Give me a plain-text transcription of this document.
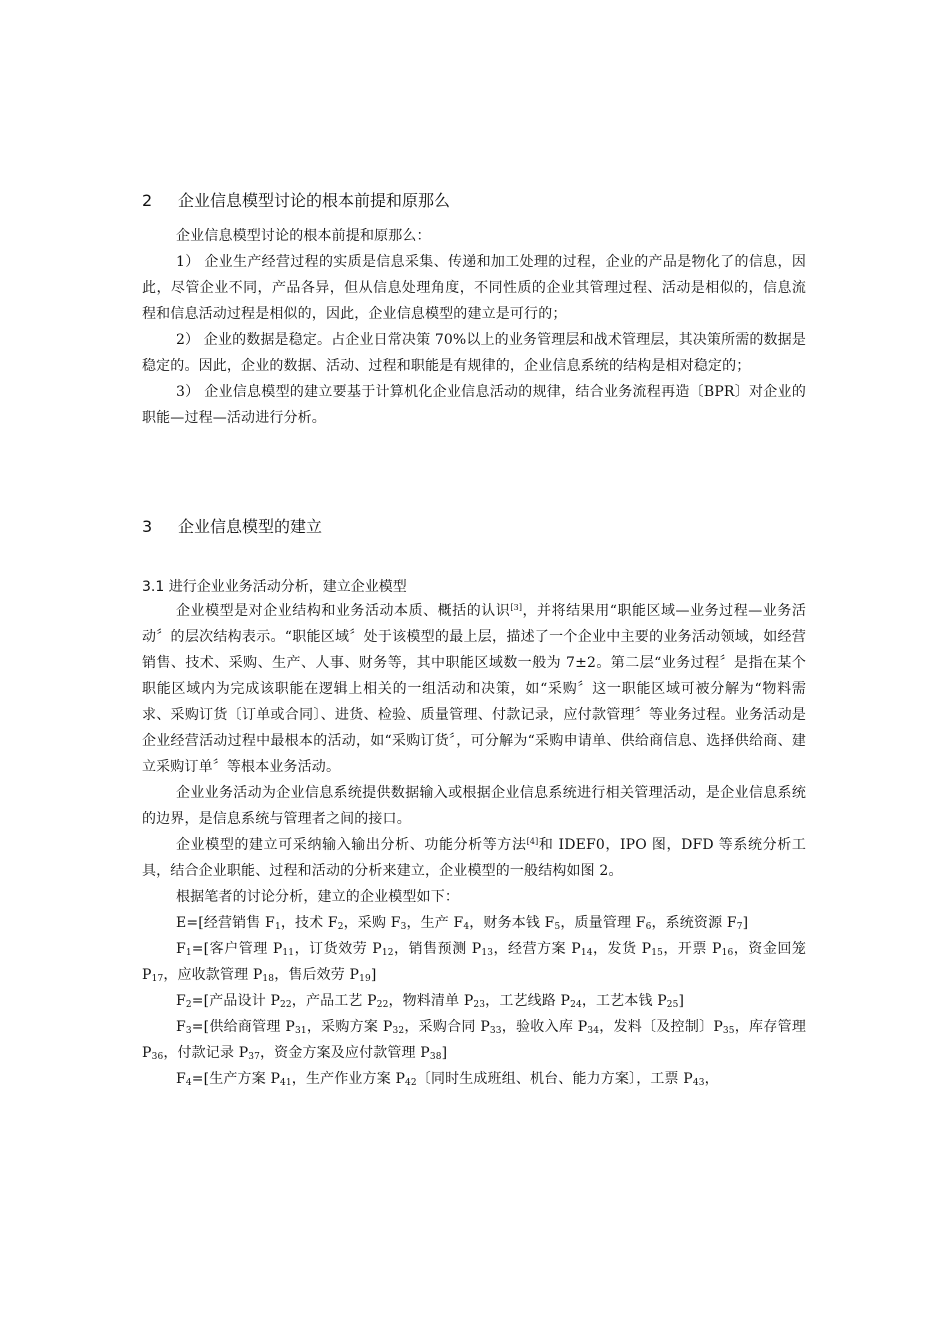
2 企业信息模型讨论的根本前提和原那么

企业信息模型讨论的根本前提和原那么：

1） 企业生产经营过程的实质是信息采集、传递和加工处理的过程，企业的产品是物化了的信息，因此，尽管企业不同，产品各异，但从信息处理角度，不同性质的企业其管理过程、活动是相似的，信息流程和信息活动过程是相似的，因此，企业信息模型的建立是可行的；

2） 企业的数据是稳定。占企业日常决策 70%以上的业务管理层和战术管理层，其决策所需的数据是稳定的。因此，企业的数据、活动、过程和职能是有规律的，企业信息系统的结构是相对稳定的；

3） 企业信息模型的建立要基于计算机化企业信息活动的规律，结合业务流程再造〔BPR〕对企业的职能—过程—活动进行分析。

3 企业信息模型的建立
3.1 进行企业业务活动分析，建立企业模型

企业模型是对企业结构和业务活动本质、概括的认识[3]，并将结果用“职能区域—业务过程—业务活动〞的层次结构表示。“职能区域〞处于该模型的最上层，描述了一个企业中主要的业务活动领域，如经营销售、技术、采购、生产、人事、财务等，其中职能区域数一般为 7±2。第二层“业务过程〞是指在某个职能区域内为完成该职能在逻辑上相关的一组活动和决策，如“采购〞这一职能区域可被分解为“物料需求、采购订货〔订单或合同〕、进货、检验、质量管理、付款记录，应付款管理〞等业务过程。业务活动是企业经营活动过程中最根本的活动，如“采购订货〞，可分解为“采购申请单、供给商信息、选择供给商、建立采购订单〞等根本业务活动。

企业业务活动为企业信息系统提供数据输入或根据企业信息系统进行相关管理活动，是企业信息系统的边界，是信息系统与管理者之间的接口。

企业模型的建立可采纳输入输出分析、功能分析等方法[4]和 IDEF0，IPO 图，DFD 等系统分析工具，结合企业职能、过程和活动的分析来建立，企业模型的一般结构如图 2。

根据笔者的讨论分析，建立的企业模型如下：

E=[经营销售 $F_1$，技术 $F_2$，采购 $F_3$，生产 $F_4$，财务本钱 $F_5$，质量管理 $F_6$，系统资源 $F_7$]

$F_1=$[客户管理 $P_{11}$，订货效劳 $P_{12}$，销售预测 $P_{13}$，经营方案 $P_{14}$，发货 $P_{15}$，开票 $P_{16}$，资金回笼 $P_{17}$，应收款管理 $P_{18}$，售后效劳 $P_{19}$]

$F_2=$[产品设计 $P_{22}$，产品工艺 $P_{22}$，物料清单 $P_{23}$，工艺线路 $P_{24}$，工艺本钱 $P_{25}$]

$F_3=$[供给商管理 $P_{31}$，采购方案 $P_{32}$，采购合同 $P_{33}$，验收入库 $P_{34}$，发料〔及控制〕$P_{35}$，库存管理 $P_{36}$，付款记录 $P_{37}$，资金方案及应付款管理 $P_{38}$]

$F_4=$[生产方案 $P_{41}$，生产作业方案 $P_{42}$〔同时生成班组、机台、能力方案〕，工票 $P_{43}$，
